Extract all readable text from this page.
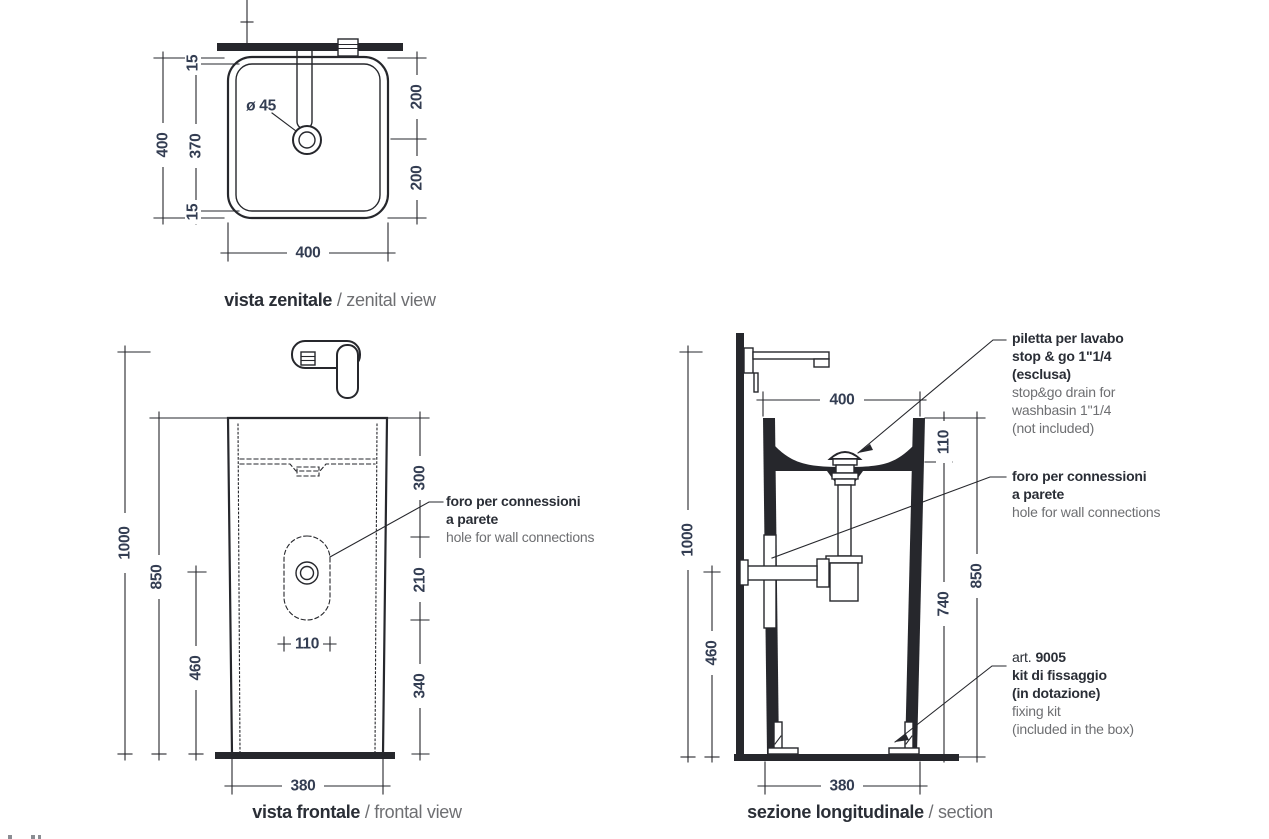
400 370
15
15
200
200
400
ø 45
1000
850
460
300
210
340
110
380
1000
460
110
740
850
400
380
piletta per lavabo
stop & go 1"1/4
(esclusa)
stop&go drain for
washbasin 1"1/4
(not included)
foro per connessioni
a parete
hole for wall connections
art. 9005
kit di fissaggio
(in dotazione)
fixing kit
(included in the box)
foro per connessioni
a parete
hole for wall connections
vista zenitale / zenital view
vista frontale / frontal view	sezione longitudinale / section
